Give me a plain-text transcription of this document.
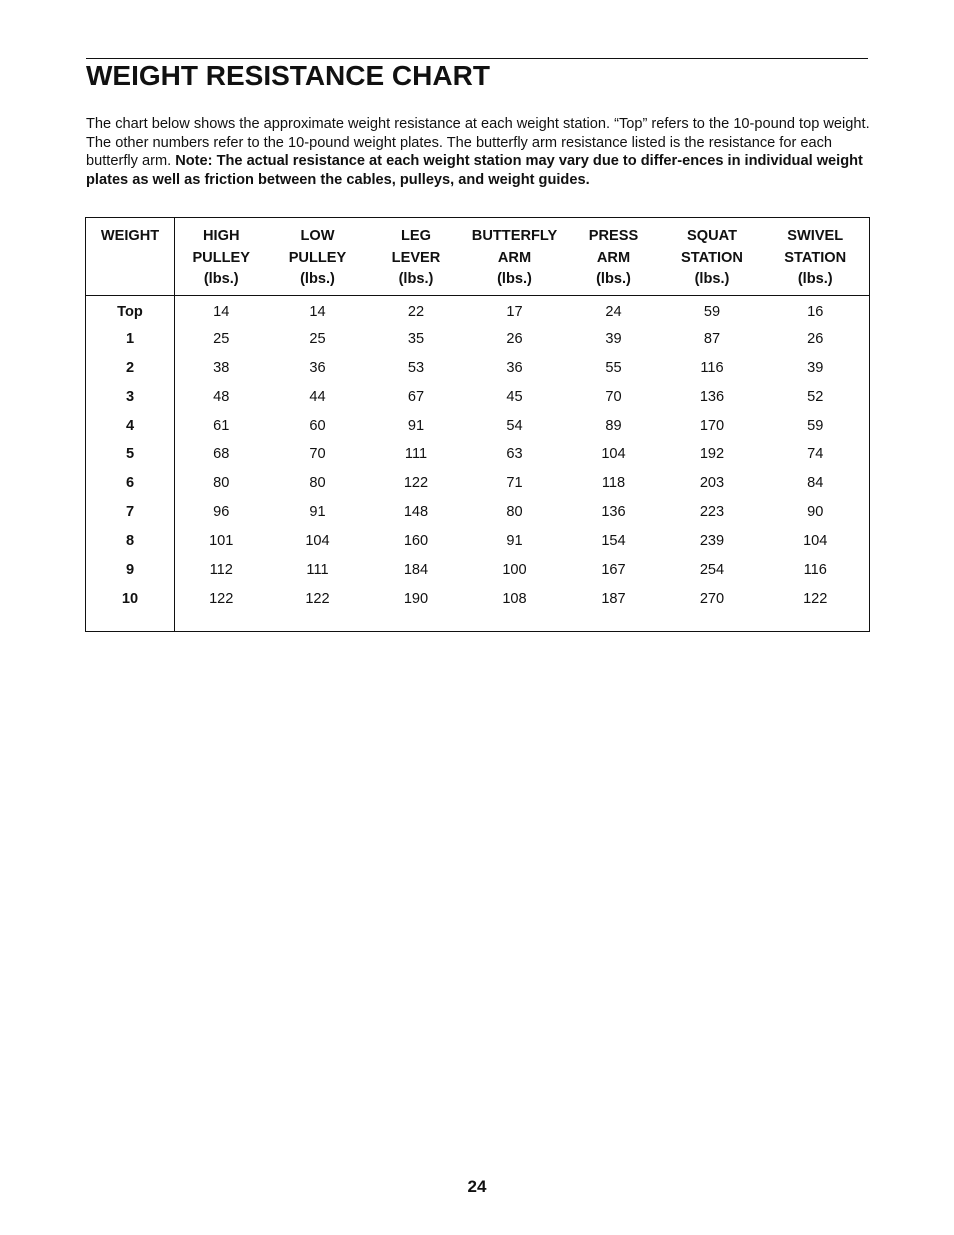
WEIGHT RESISTANCE CHART

The chart below shows the approximate weight resistance at each weight station. “Top” refers to the 10-pound top weight. The other numbers refer to the 10-pound weight plates. The butterfly arm resistance listed is the resistance for each butterfly arm. Note: The actual resistance at each weight station may vary due to differ-ences in individual weight plates as well as friction between the cables, pulleys, and weight guides.

WEIGHT	HIGH
PULLEY
(lbs.)	LOW
PULLEY
(lbs.)	LEG
LEVER
(lbs.)	BUTTERFLY
ARM
(lbs.)	PRESS
ARM
(lbs.)	SQUAT
STATION
(lbs.)	SWIVEL
STATION
(lbs.)
Top	14	14	22	17	24	59	16
1	25	25	35	26	39	87	26
2	38	36	53	36	55	116	39
3	48	44	67	45	70	136	52
4	61	60	91	54	89	170	59
5	68	70	111	63	104	192	74
6	80	80	122	71	118	203	84
7	96	91	148	80	136	223	90
8	101	104	160	91	154	239	104
9	112	111	184	100	167	254	116
10	122	122	190	108	187	270	122

24
